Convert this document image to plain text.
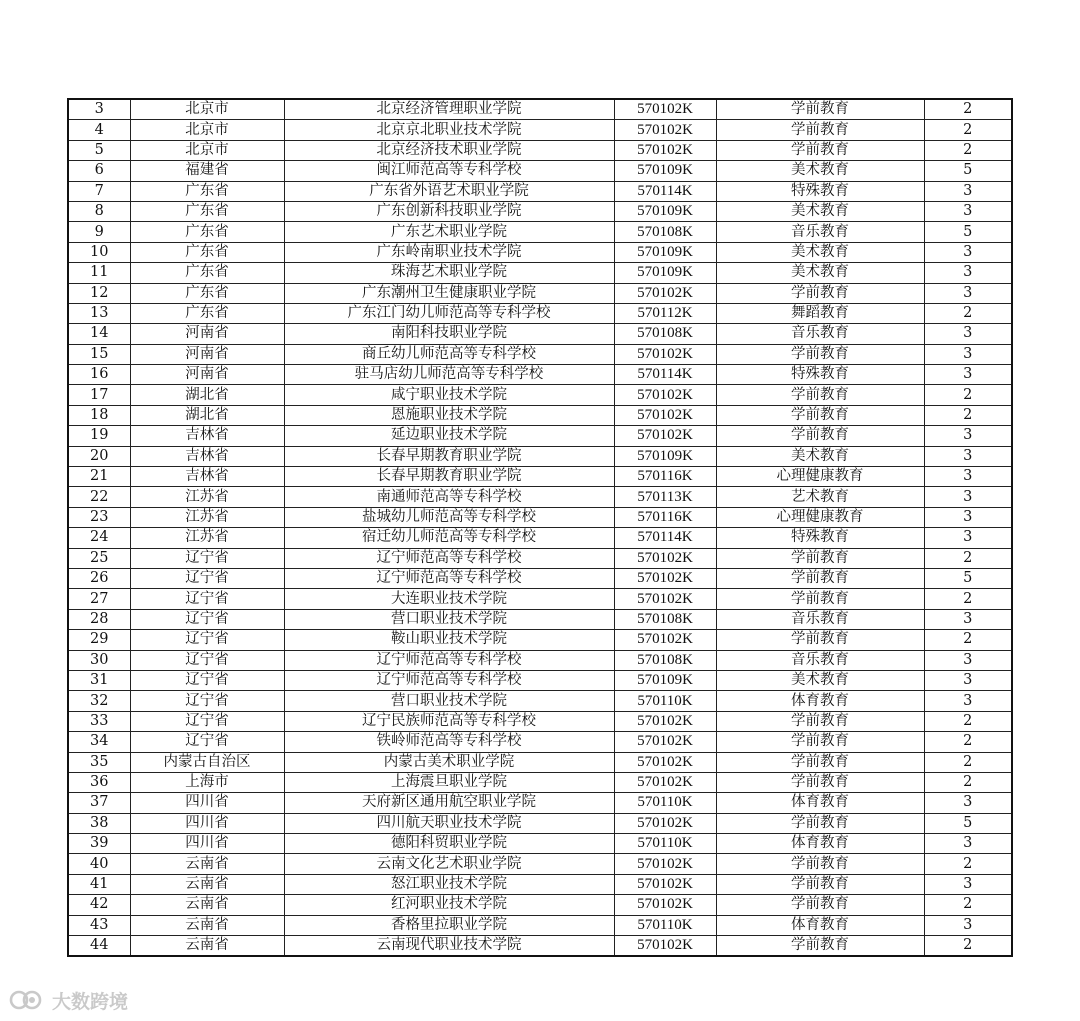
3	北京市	北京经济管理职业学院	570102K	学前教育	2
4	北京市	北京京北职业技术学院	570102K	学前教育	2
5	北京市	北京经济技术职业学院	570102K	学前教育	2
6	福建省	闽江师范高等专科学校	570109K	美术教育	5
7	广东省	广东省外语艺术职业学院	570114K	特殊教育	3
8	广东省	广东创新科技职业学院	570109K	美术教育	3
9	广东省	广东艺术职业学院	570108K	音乐教育	5
10	广东省	广东岭南职业技术学院	570109K	美术教育	3
11	广东省	珠海艺术职业学院	570109K	美术教育	3
12	广东省	广东潮州卫生健康职业学院	570102K	学前教育	3
13	广东省	广东江门幼儿师范高等专科学校	570112K	舞蹈教育	2
14	河南省	南阳科技职业学院	570108K	音乐教育	3
15	河南省	商丘幼儿师范高等专科学校	570102K	学前教育	3
16	河南省	驻马店幼儿师范高等专科学校	570114K	特殊教育	3
17	湖北省	咸宁职业技术学院	570102K	学前教育	2
18	湖北省	恩施职业技术学院	570102K	学前教育	2
19	吉林省	延边职业技术学院	570102K	学前教育	3
20	吉林省	长春早期教育职业学院	570109K	美术教育	3
21	吉林省	长春早期教育职业学院	570116K	心理健康教育	3
22	江苏省	南通师范高等专科学校	570113K	艺术教育	3
23	江苏省	盐城幼儿师范高等专科学校	570116K	心理健康教育	3
24	江苏省	宿迁幼儿师范高等专科学校	570114K	特殊教育	3
25	辽宁省	辽宁师范高等专科学校	570102K	学前教育	2
26	辽宁省	辽宁师范高等专科学校	570102K	学前教育	5
27	辽宁省	大连职业技术学院	570102K	学前教育	2
28	辽宁省	营口职业技术学院	570108K	音乐教育	3
29	辽宁省	鞍山职业技术学院	570102K	学前教育	2
30	辽宁省	辽宁师范高等专科学校	570108K	音乐教育	3
31	辽宁省	辽宁师范高等专科学校	570109K	美术教育	3
32	辽宁省	营口职业技术学院	570110K	体育教育	3
33	辽宁省	辽宁民族师范高等专科学校	570102K	学前教育	2
34	辽宁省	铁岭师范高等专科学校	570102K	学前教育	2
35	内蒙古自治区	内蒙古美术职业学院	570102K	学前教育	2
36	上海市	上海震旦职业学院	570102K	学前教育	2
37	四川省	天府新区通用航空职业学院	570110K	体育教育	3
38	四川省	四川航天职业技术学院	570102K	学前教育	5
39	四川省	德阳科贸职业学院	570110K	体育教育	3
40	云南省	云南文化艺术职业学院	570102K	学前教育	2
41	云南省	怒江职业技术学院	570102K	学前教育	3
42	云南省	红河职业技术学院	570102K	学前教育	2
43	云南省	香格里拉职业学院	570110K	体育教育	3
44	云南省	云南现代职业技术学院	570102K	学前教育	2
大数跨境
